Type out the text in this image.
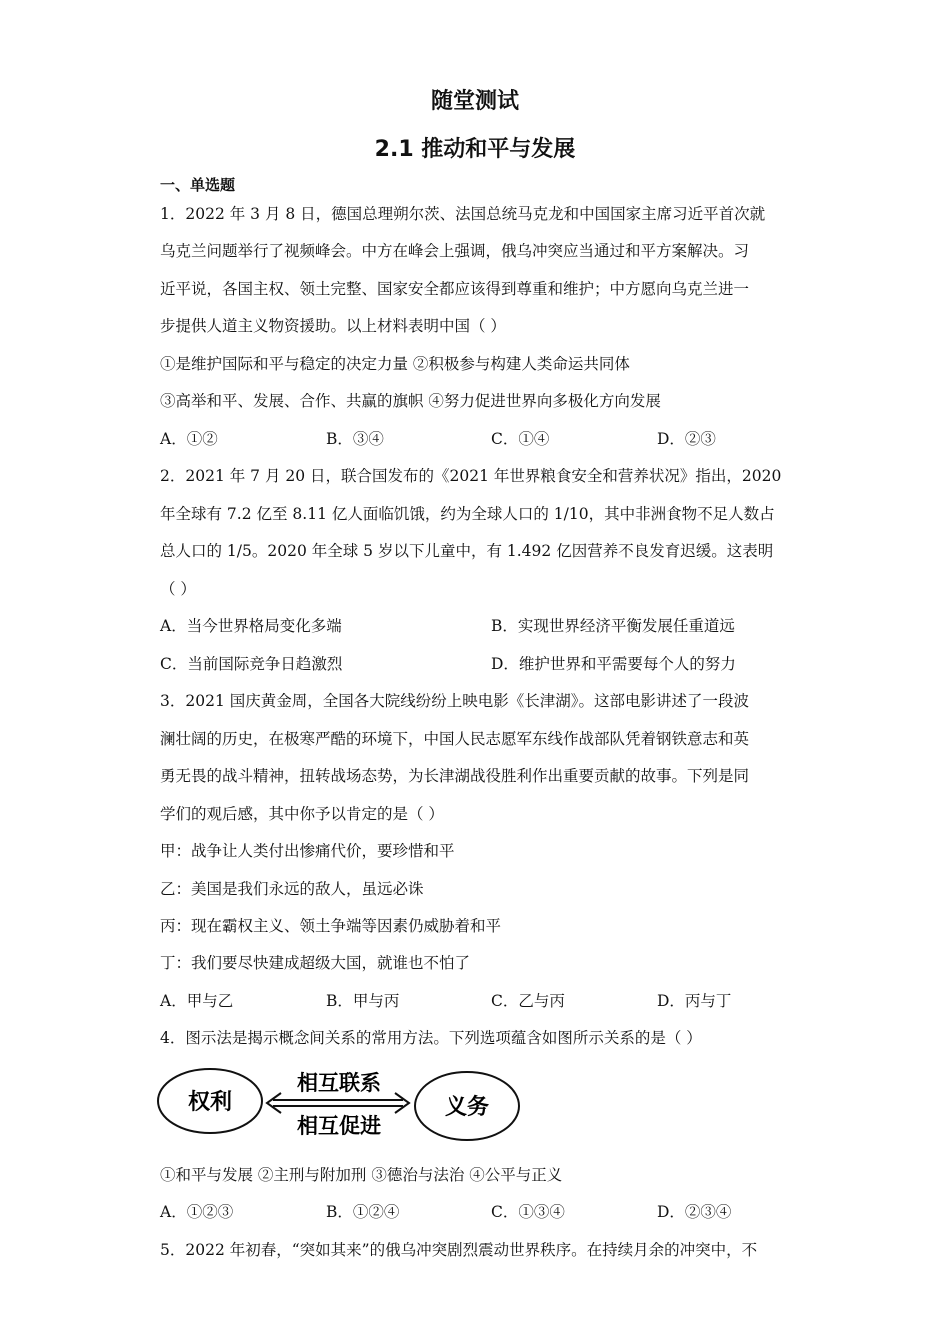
随堂测试
2.1 推动和平与发展
一、单选题
1．2022 年 3 月 8 日，德国总理朔尔茨、法国总统马克龙和中国国家主席习近平首次就
乌克兰问题举行了视频峰会。中方在峰会上强调，俄乌冲突应当通过和平方案解决。习
近平说，各国主权、领土完整、国家安全都应该得到尊重和维护；中方愿向乌克兰进一
步提供人道主义物资援助。以上材料表明中国（ ）
①是维护国际和平与稳定的决定力量 ②积极参与构建人类命运共同体
③高举和平、发展、合作、共赢的旗帜 ④努力促进世界向多极化方向发展
A．①②	B．③④	C．①④	D．②③
2．2021 年 7 月 20 日，联合国发布的《2021 年世界粮食安全和营养状况》指出，2020
年全球有 7.2 亿至 8.11 亿人面临饥饿，约为全球人口的 1/10，其中非洲食物不足人数占
总人口的 1/5。2020 年全球 5 岁以下儿童中，有 1.492 亿因营养不良发育迟缓。这表明
（ ）
A．当今世界格局变化多端	B．实现世界经济平衡发展任重道远
C．当前国际竞争日趋激烈	D．维护世界和平需要每个人的努力
3．2021 国庆黄金周，全国各大院线纷纷上映电影《长津湖》。这部电影讲述了一段波
澜壮阔的历史，在极寒严酷的环境下，中国人民志愿军东线作战部队凭着钢铁意志和英
勇无畏的战斗精神，扭转战场态势，为长津湖战役胜利作出重要贡献的故事。下列是同
学们的观后感，其中你予以肯定的是（ ）
甲：战争让人类付出惨痛代价，要珍惜和平
乙：美国是我们永远的敌人，虽远必诛
丙：现在霸权主义、领土争端等因素仍威胁着和平
丁：我们要尽快建成超级大国，就谁也不怕了
A．甲与乙	B．甲与丙	C．乙与丙	D．丙与丁
4．图示法是揭示概念间关系的常用方法。下列选项蕴含如图所示关系的是（ ）
权利	义务
相互联系
相互促进
①和平与发展 ②主刑与附加刑 ③德治与法治 ④公平与正义
A．①②③	B．①②④	C．①③④	D．②③④
5．2022 年初春，“突如其来”的俄乌冲突剧烈震动世界秩序。在持续月余的冲突中，不
